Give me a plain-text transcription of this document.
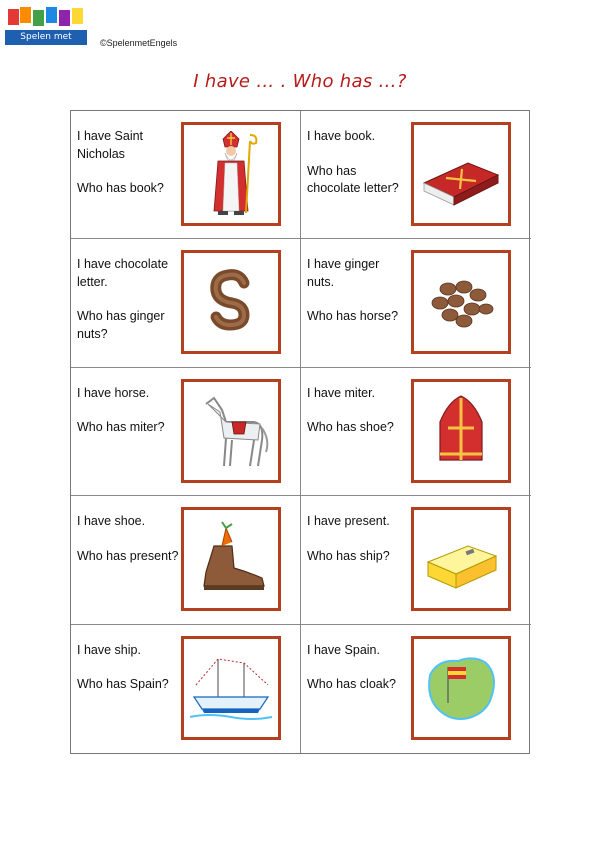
Spelen met Engels
©SpelenmetEngels
I have … . Who has …?

I have Saint Nicholas

Who has book?

I have book.

Who has chocolate letter?

I have chocolate letter.

Who has ginger nuts?

I have ginger nuts.

Who has horse?

I have horse.

Who has miter?

I have miter.

Who has shoe?

I have shoe.

Who has present?

I have present.

Who has ship?

I have ship.

Who has Spain?

I have Spain.

Who has cloak?
